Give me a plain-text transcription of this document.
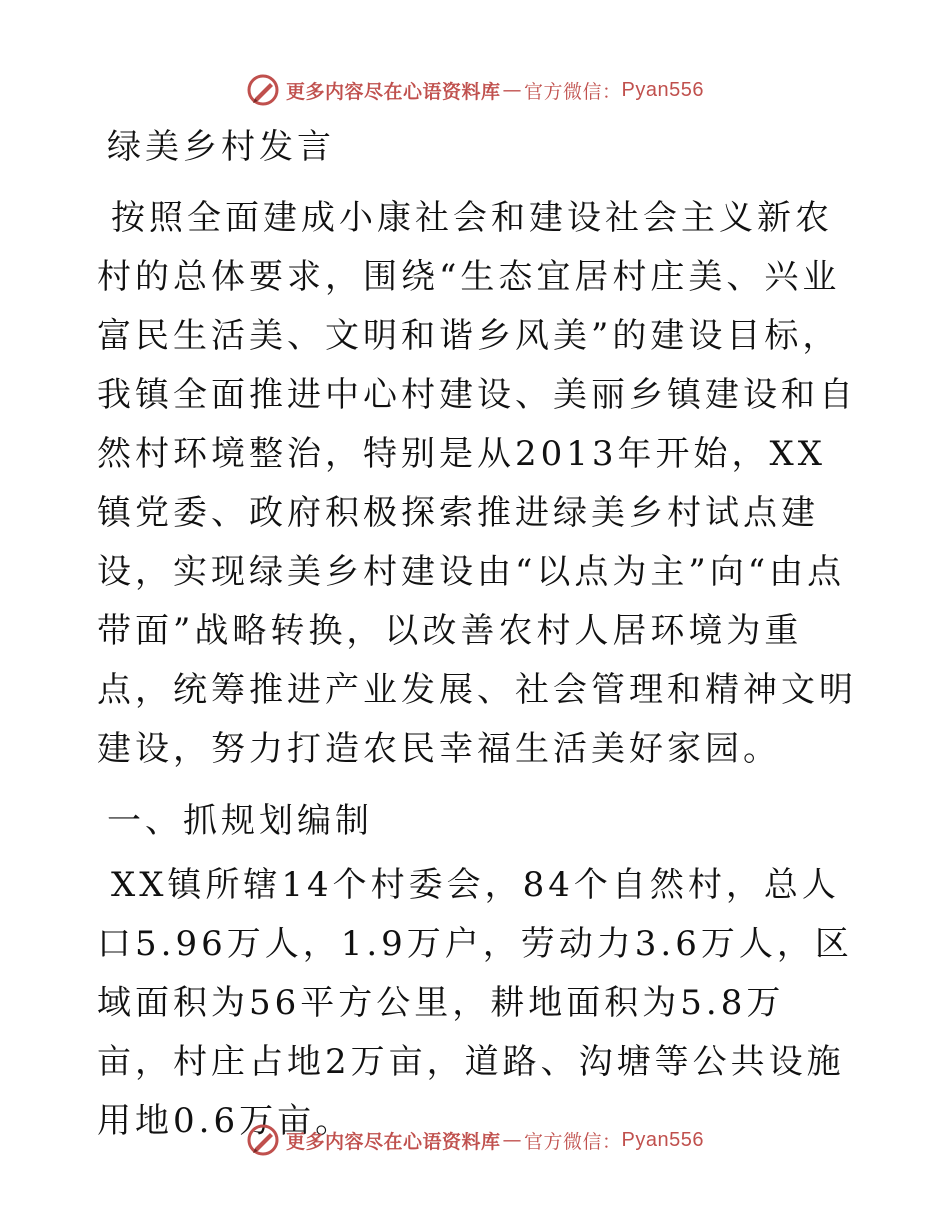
更多内容尽在心语资料库 — 官方微信： Pyan556

绿美乡村发言

按照全面建成小康社会和建设社会主义新农村的总体要求，围绕“生态宜居村庄美、兴业富民生活美、文明和谐乡风美”的建设目标，我镇全面推进中心村建设、美丽乡镇建设和自然村环境整治，特别是从2013年开始，XX镇党委、政府积极探索推进绿美乡村试点建设，实现绿美乡村建设由“以点为主”向“由点带面”战略转换，以改善农村人居环境为重点，统筹推进产业发展、社会管理和精神文明建设，努力打造农民幸福生活美好家园。

一、抓规划编制

XX镇所辖14个村委会，84个自然村，总人口5.96万人，1.9万户，劳动力3.6万人，区域面积为56平方公里，耕地面积为5.8万亩，村庄占地2万亩，道路、沟塘等公共设施用地0.6万亩。

更多内容尽在心语资料库 — 官方微信： Pyan556
